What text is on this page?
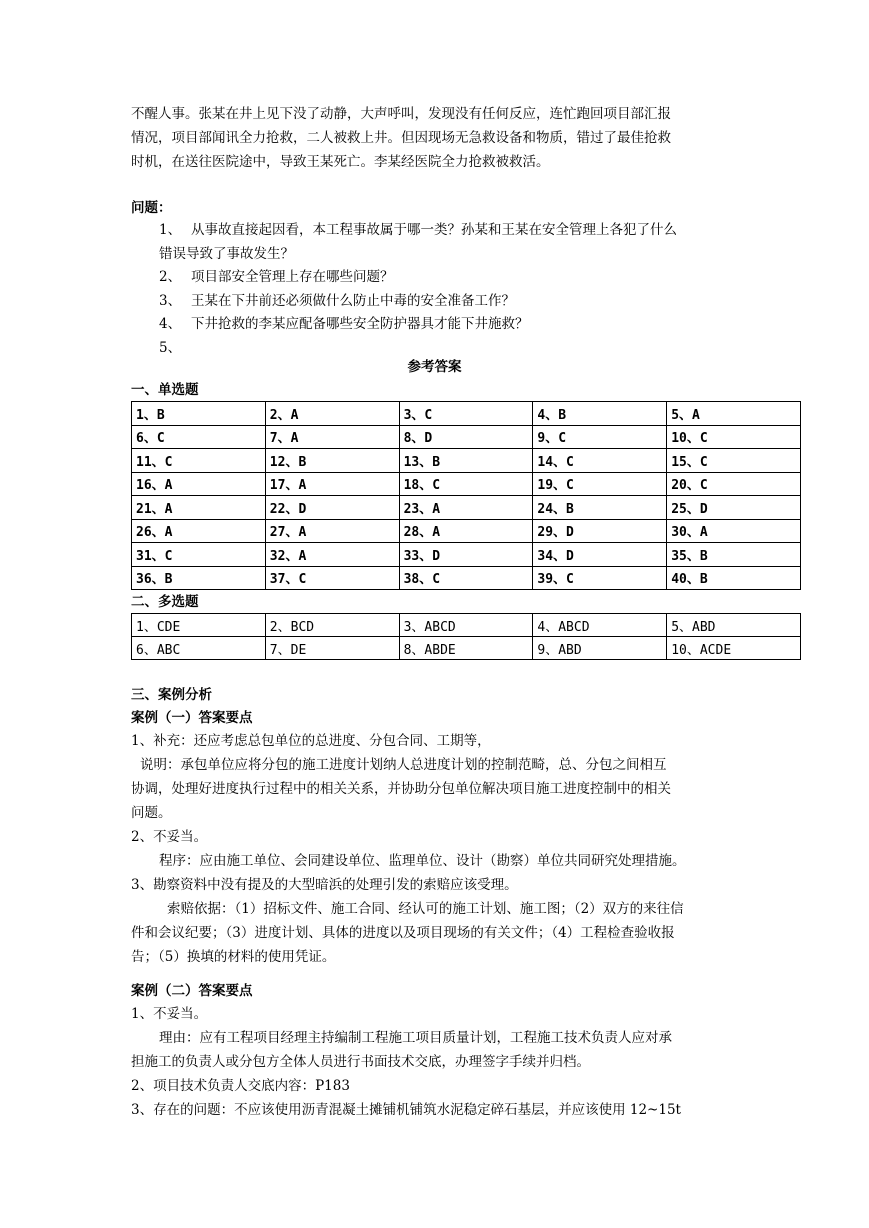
不醒人事。张某在井上见下没了动静，大声呼叫，发现没有任何反应，连忙跑回项目部汇报

情况，项目部闻讯全力抢救，二人被救上井。但因现场无急救设备和物质，错过了最佳抢救

时机，在送往医院途中，导致王某死亡。李某经医院全力抢救被救活。

问题：

1、 从事故直接起因看，本工程事故属于哪一类？孙某和王某在安全管理上各犯了什么
错误导致了事故发生？
2、 项目部安全管理上存在哪些问题？
3、 王某在下井前还必须做什么防止中毒的安全准备工作？
4、 下井抢救的李某应配备哪些安全防护器具才能下井施救？
5、

参考答案

一、单选题

1、B	2、A	3、C	4、B	5、A
6、C	7、A	8、D	9、C	10、C
11、C	12、B	13、B	14、C	15、C
16、A	17、A	18、C	19、C	20、C
21、A	22、D	23、A	24、B	25、D
26、A	27、A	28、A	29、D	30、A
31、C	32、A	33、D	34、D	35、B
36、B	37、C	38、C	39、C	40、B

二、多选题

1、CDE	2、BCD	3、ABCD	4、ABCD	5、ABD
6、ABC	7、DE	8、ABDE	9、ABD	10、ACDE

三、案例分析

案例（一）答案要点

1、补充：还应考虑总包单位的总进度、分包合同、工期等，

说明：承包单位应将分包的施工进度计划纳人总进度计划的控制范畸，总、分包之间相互

协调，处理好进度执行过程中的相关关系，并协助分包单位解决项目施工进度控制中的相关

问题。

2、不妥当。

程序：应由施工单位、会同建设单位、监理单位、设计（勘察）单位共同研究处理措施。

3、勘察资料中没有提及的大型暗浜的处理引发的索赔应该受理。

索赔依据：（1）招标文件、施工合同、经认可的施工计划、施工图；（2）双方的来往信

件和会议纪要；（3）进度计划、具体的进度以及项目现场的有关文件；（4）工程检查验收报

告；（5）换填的材料的使用凭证。

案例（二）答案要点

1、不妥当。

理由：应有工程项目经理主持编制工程施工项目质量计划，工程施工技术负责人应对承

担施工的负责人或分包方全体人员进行书面技术交底，办理签字手续并归档。

2、项目技术负责人交底内容：P183

3、存在的问题：不应该使用沥青混凝土摊铺机铺筑水泥稳定碎石基层，并应该使用 12~15t
